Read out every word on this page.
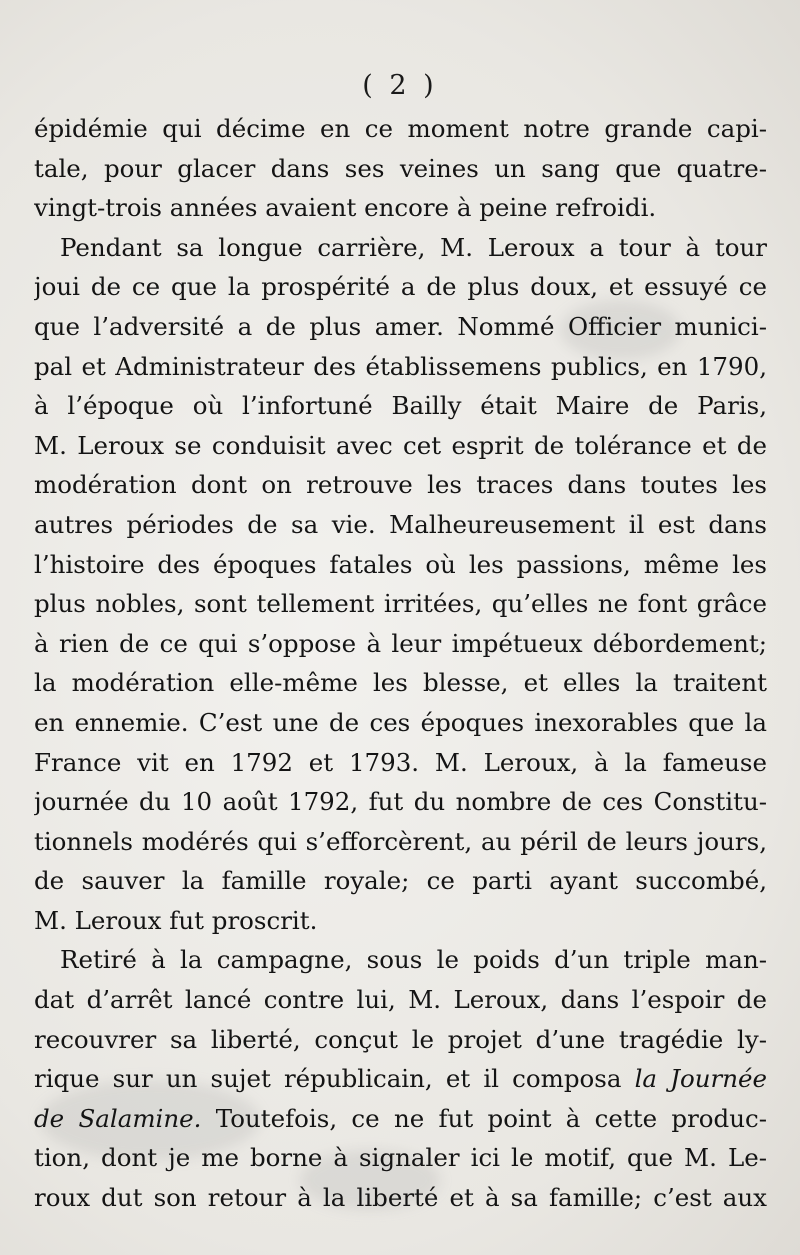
( 2 )
épidémie qui décime en ce moment notre grande capi-
tale, pour glacer dans ses veines un sang que quatre-
vingt-trois années avaient encore à peine refroidi.
Pendant sa longue carrière, M. Leroux a tour à tour
joui de ce que la prospérité a de plus doux, et essuyé ce
que l’adversité a de plus amer. Nommé Officier munici-
pal et Administrateur des établissemens publics, en 1790,
à l’époque où l’infortuné Bailly était Maire de Paris,
M. Leroux se conduisit avec cet esprit de tolérance et de
modération dont on retrouve les traces dans toutes les
autres périodes de sa vie. Malheureusement il est dans
l’histoire des époques fatales où les passions, même les
plus nobles, sont tellement irritées, qu’elles ne font grâce
à rien de ce qui s’oppose à leur impétueux débordement;
la modération elle-même les blesse, et elles la traitent
en ennemie. C’est une de ces époques inexorables que la
France vit en 1792 et 1793. M. Leroux, à la fameuse
journée du 10 août 1792, fut du nombre de ces Constitu-
tionnels modérés qui s’efforcèrent, au péril de leurs jours,
de sauver la famille royale; ce parti ayant succombé,
M. Leroux fut proscrit.
Retiré à la campagne, sous le poids d’un triple man-
dat d’arrêt lancé contre lui, M. Leroux, dans l’espoir de
recouvrer sa liberté, conçut le projet d’une tragédie ly-
rique sur un sujet républicain, et il composa la Journée
de Salamine. Toutefois, ce ne fut point à cette produc-
tion, dont je me borne à signaler ici le motif, que M. Le-
roux dut son retour à la liberté et à sa famille; c’est aux
